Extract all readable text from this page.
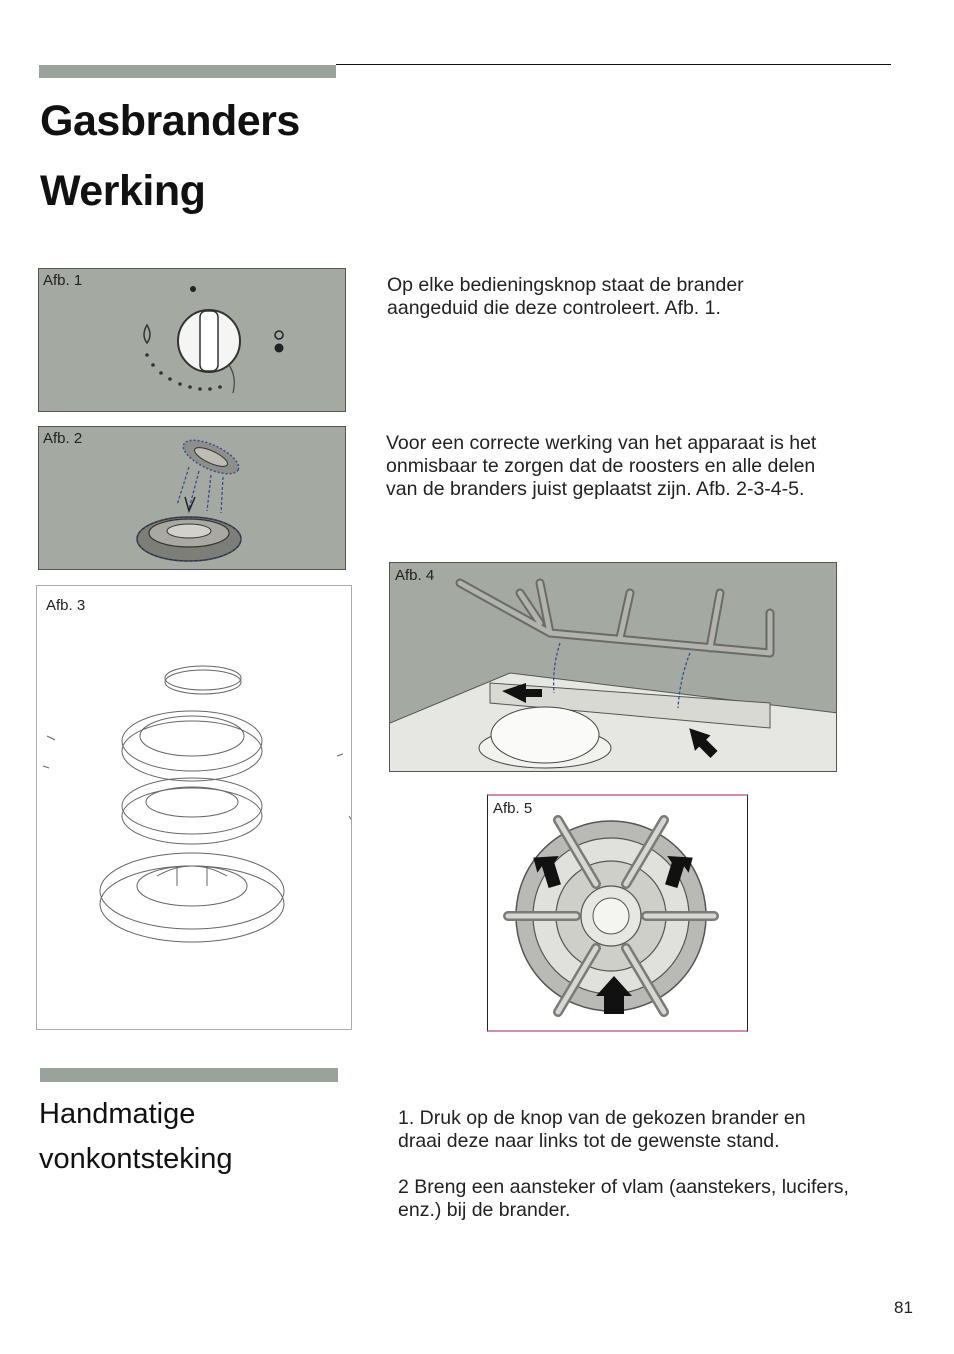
Gasbranders
Werking
Afb. 1
Afb. 2
Afb. 3
Op elke bedieningsknop staat de brander
aangeduid die deze controleert. Afb. 1.
Voor een correcte werking van het apparaat is het
onmisbaar te zorgen dat de roosters en alle delen
van de branders juist geplaatst zijn. Afb. 2-3-4-5.
Afb. 4
Afb. 5
Handmatige
vonkontsteking
1. Druk op de knop van de gekozen brander en
draai deze naar links tot de gewenste stand.
2 Breng een aansteker of vlam (aanstekers, lucifers,
enz.) bij de brander.
81
